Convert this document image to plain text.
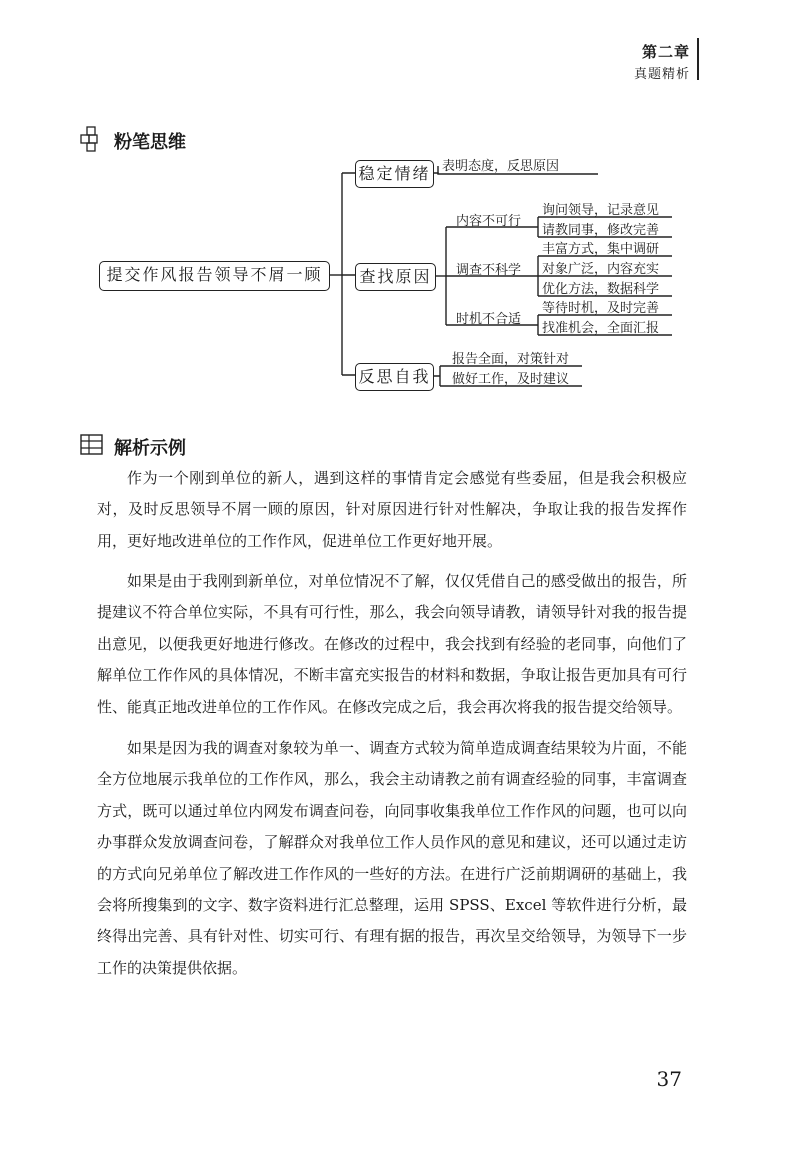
第二章
真题精析
粉笔思维
提交作风报告领导不屑一顾
稳定情绪
查找原因
反思自我
表明态度，反思原因
内容不可行
调查不科学
时机不合适
询问领导，记录意见
请教同事，修改完善
丰富方式，集中调研
对象广泛，内容充实
优化方法，数据科学
等待时机，及时完善
找准机会，全面汇报
报告全面，对策针对
做好工作，及时建议
解析示例

作为一个刚到单位的新人，遇到这样的事情肯定会感觉有些委屈，但是我会积极应对，及时反思领导不屑一顾的原因，针对原因进行针对性解决，争取让我的报告发挥作用，更好地改进单位的工作作风，促进单位工作更好地开展。

如果是由于我刚到新单位，对单位情况不了解，仅仅凭借自己的感受做出的报告，所提建议不符合单位实际，不具有可行性，那么，我会向领导请教，请领导针对我的报告提出意见，以便我更好地进行修改。在修改的过程中，我会找到有经验的老同事，向他们了解单位工作作风的具体情况，不断丰富充实报告的材料和数据，争取让报告更加具有可行性、能真正地改进单位的工作作风。在修改完成之后，我会再次将我的报告提交给领导。

如果是因为我的调查对象较为单一、调查方式较为简单造成调查结果较为片面，不能全方位地展示我单位的工作作风，那么，我会主动请教之前有调查经验的同事，丰富调查方式，既可以通过单位内网发布调查问卷，向同事收集我单位工作作风的问题，也可以向办事群众发放调查问卷，了解群众对我单位工作人员作风的意见和建议，还可以通过走访的方式向兄弟单位了解改进工作作风的一些好的方法。在进行广泛前期调研的基础上，我会将所搜集到的文字、数字资料进行汇总整理，运用 SPSS、Excel 等软件进行分析，最终得出完善、具有针对性、切实可行、有理有据的报告，再次呈交给领导，为领导下一步工作的决策提供依据。

37
